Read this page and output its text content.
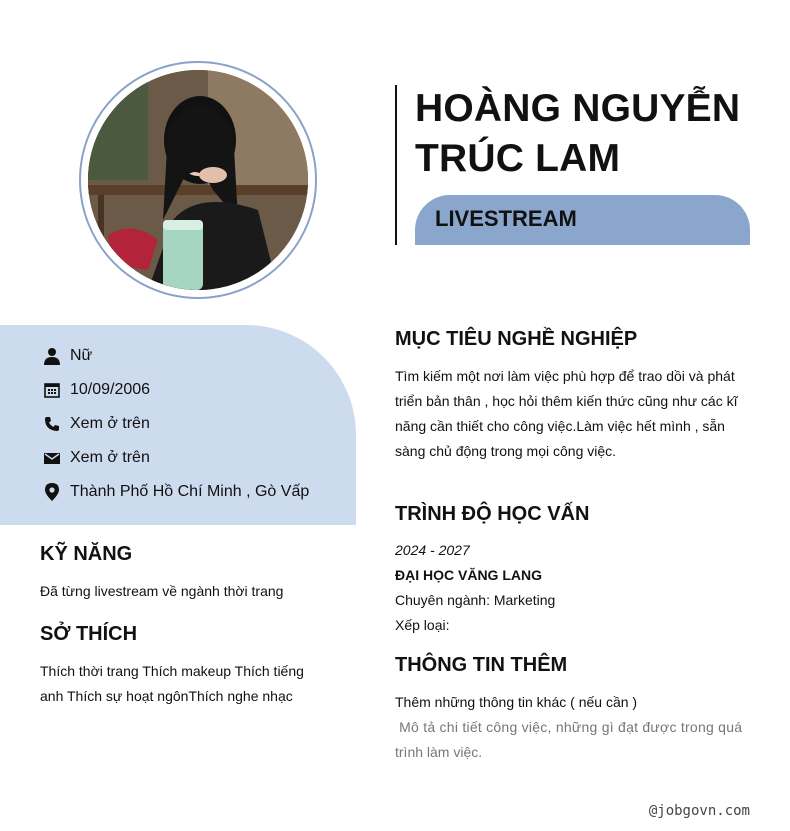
HOÀNG NGUYỄN
TRÚC LAM
LIVESTREAM
Nữ
10/09/2006
Xem ở trên
Xem ở trên
Thành Phố Hồ Chí Minh , Gò Vấp
KỸ NĂNG
Đã từng livestream về ngành thời trang
SỞ THÍCH
Thích thời trang Thích makeup Thích tiếng
anh Thích sự hoạt ngônThích nghe nhạc
MỤC TIÊU NGHỀ NGHIỆP
Tìm kiếm một nơi làm việc phù hợp để trao dồi và phát
triển bản thân , học hỏi thêm kiến thức cũng như các kĩ
năng cần thiết cho công việc.Làm việc hết mình , sẵn
sàng chủ động trong mọi công việc.
TRÌNH ĐỘ HỌC VẤN
2024 - 2027
ĐẠI HỌC VĂNG LANG
Chuyên ngành: Marketing
Xếp loại:
THÔNG TIN THÊM
Thêm những thông tin khác ( nếu cần )
Mô tả chi tiết công việc, những gì đạt được trong quá
trình làm việc.
@jobgovn.com
